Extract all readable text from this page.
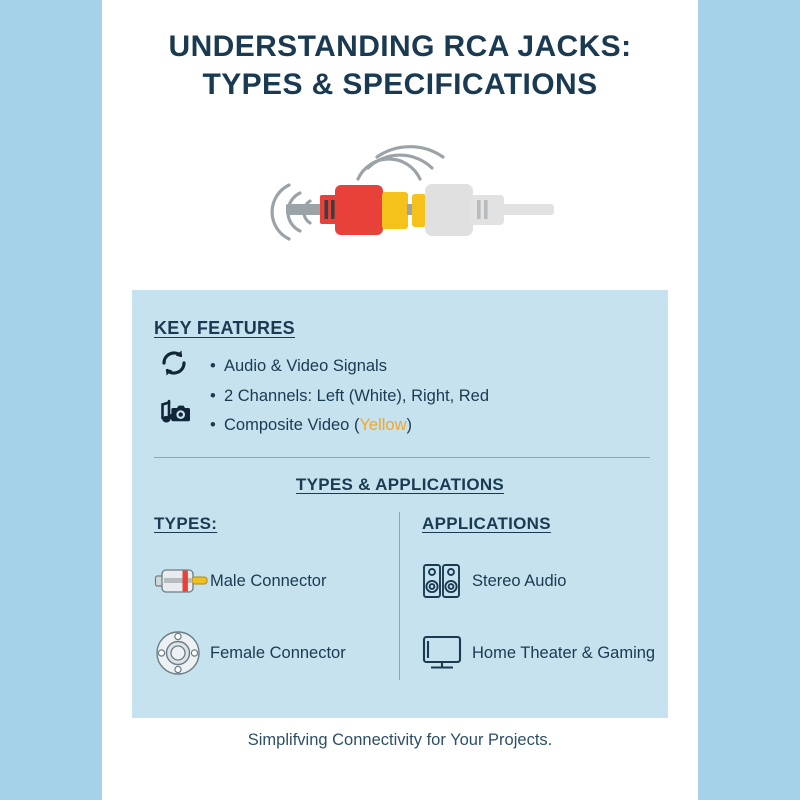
UNDERSTANDING RCA JACKS:
TYPES & SPECIFICATIONS
KEY FEATURES
• Audio & Video Signals
• 2 Channels: Left (White), Right, Red
• Composite Video (Yellow)
TYPES & APPLICATIONS
TYPES:
Male Connector
Female Connector
APPLICATIONS
Stereo Audio
Home Theater & Gaming
Simplifving Connectivity for Your Projects.
